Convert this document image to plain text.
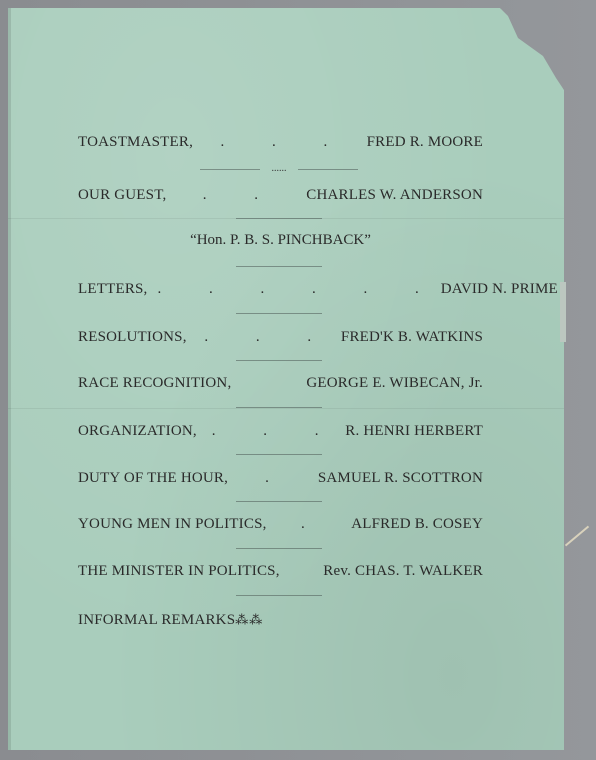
TOASTMASTER,	. . .	FRED R. MOORE
......
OUR GUEST,	. .	CHARLES W. ANDERSON
“Hon. P. B. S. PINCHBACK”
LETTERS, . . . . . . DAVID N. PRIME
RESOLUTIONS,	. . . FRED'K B. WATKINS
RACE RECOGNITION,	GEORGE E. WIBECAN, Jr.
ORGANIZATION, . . . R. HENRI HERBERT
DUTY OF THE HOUR,	.	SAMUEL R. SCOTTRON
YOUNG MEN IN POLITICS,	.	ALFRED B. COSEY
THE MINISTER IN POLITICS,	Rev. CHAS. T. WALKER
INFORMAL REMARKS ⁂⁂
